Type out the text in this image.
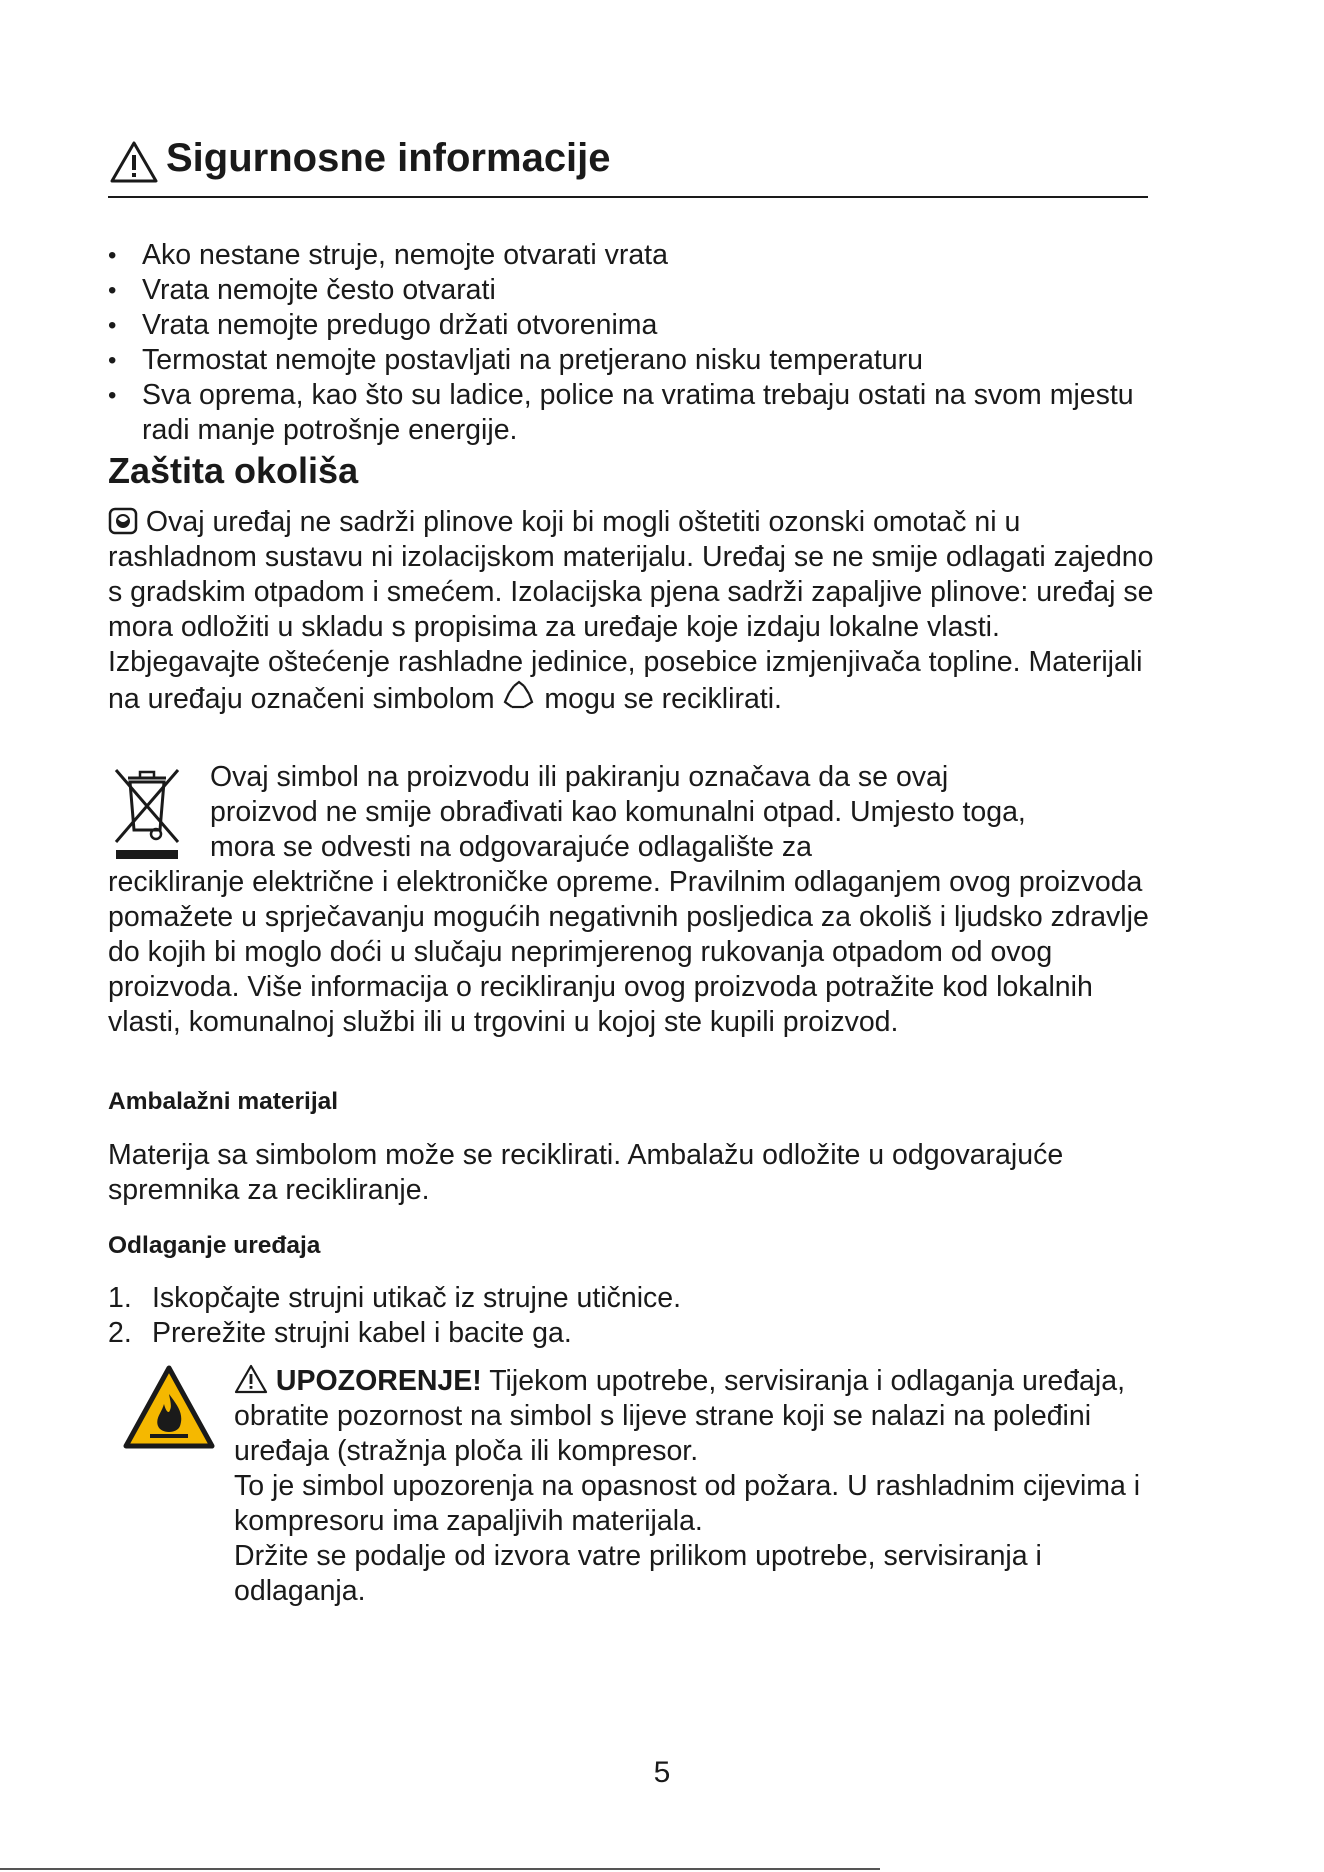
Sigurnosne informacije
• Ako nestane struje, nemojte otvarati vrata
• Vrata nemojte često otvarati
• Vrata nemojte predugo držati otvorenima
• Termostat nemojte postavljati na pretjerano nisku temperaturu
• Sva oprema, kao što su ladice, police na vratima trebaju ostati na svom mjestu radi manje potrošnje energije.
Zaštita okoliša

Ovaj uređaj ne sadrži plinove koji bi mogli oštetiti ozonski omotač ni u rashladnom sustavu ni izolacijskom materijalu. Uređaj se ne smije odlagati zajedno s gradskim otpadom i smećem. Izolacijska pjena sadrži zapaljive plinove: uređaj se mora odložiti u skladu s propisima za uređaje koje izdaju lokalne vlasti. Izbjegavajte oštećenje rashladne jedinice, posebice izmjenjivača topline. Materijali na uređaju označeni simbolom mogu se reciklirati.

Ovaj simbol na proizvodu ili pakiranju označava da se ovaj
proizvod ne smije obrađivati kao komunalni otpad. Umjesto toga,
mora se odvesti na odgovarajuće odlagalište za
recikliranje električne i elektroničke opreme. Pravilnim odlaganjem ovog proizvoda pomažete u sprječavanju mogućih negativnih posljedica za okoliš i ljudsko zdravlje do kojih bi moglo doći u slučaju neprimjerenog rukovanja otpadom od ovog proizvoda. Više informacija o recikliranju ovog proizvoda potražite kod lokalnih vlasti, komunalnoj službi ili u trgovini u kojoj ste kupili proizvod.

Ambalažni materijal

Materija sa simbolom može se reciklirati. Ambalažu odložite u odgovarajuće spremnika za recikliranje.

Odlaganje uređaja
1. Iskopčajte strujni utikač iz strujne utičnice.
2. Prerežite strujni kabel i bacite ga.
UPOZORENJE! Tijekom upotrebe, servisiranja i odlaganja uređaja, obratite pozornost na simbol s lijeve strane koji se nalazi na poleđini uređaja (stražnja ploča ili kompresor.
To je simbol upozorenja na opasnost od požara. U rashladnim cijevima i kompresoru ima zapaljivih materijala.
Držite se podalje od izvora vatre prilikom upotrebe, servisiranja i odlaganja.

5
